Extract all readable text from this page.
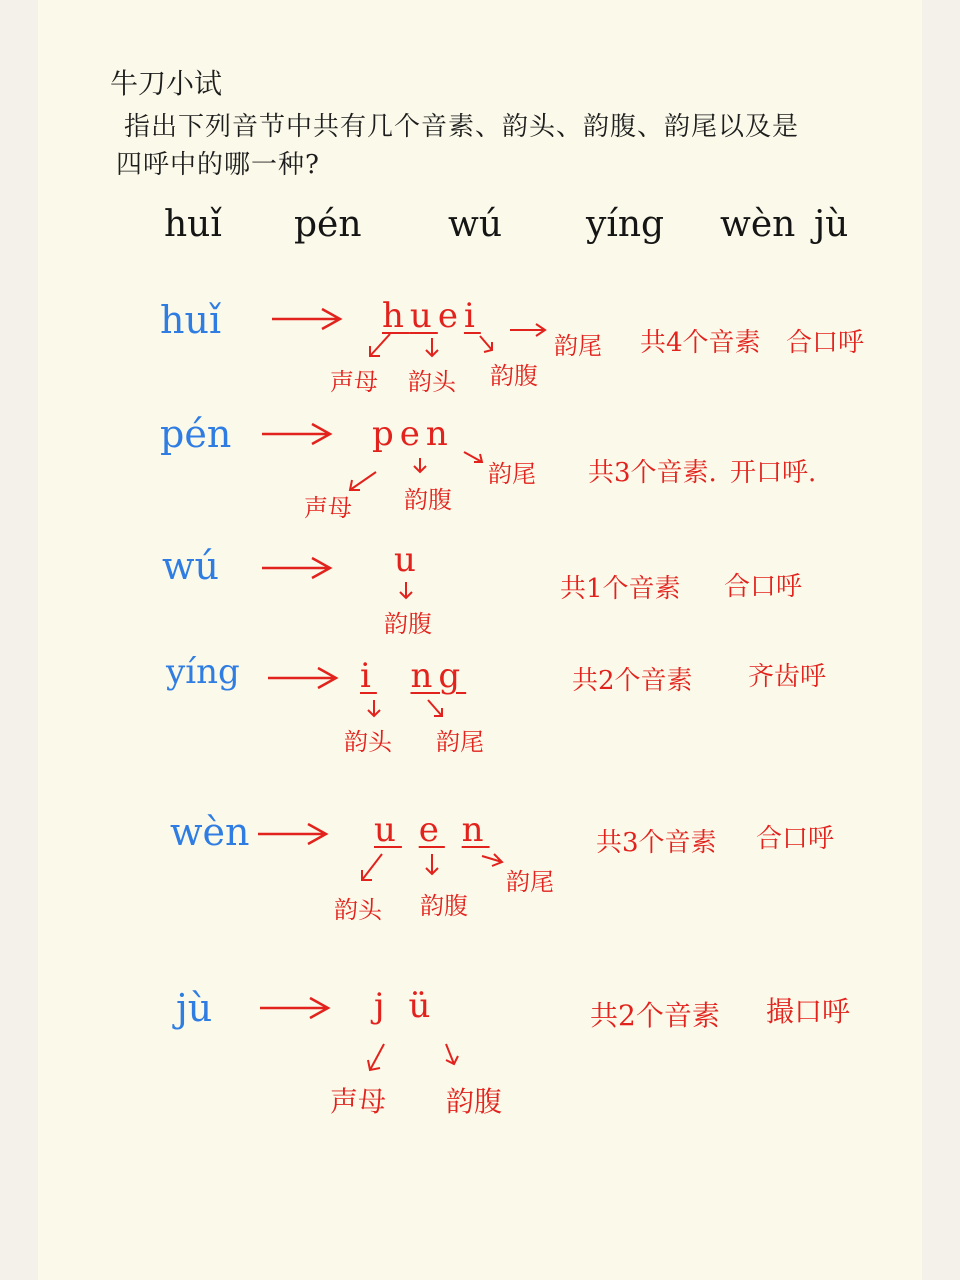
牛刀小试
指出下列音节中共有几个音素、韵头、韵腹、韵尾以及是
四呼中的哪一种?
huǐ pén wú yíng wèn jù
huǐ	huei
声母 韵头 韵腹
韵尾 共4个音素 合口呼
pén	pen
声母 韵腹
韵尾 共3个音素. 开口呼.
wú	u
韵腹
共1个音素 合口呼
yíng	i ng
韵头 韵尾
共2个音素 齐齿呼
wèn	u e n
韵头 韵腹
韵尾
共3个音素 合口呼
jù	jü
声母 韵腹
共2个音素 撮口呼
